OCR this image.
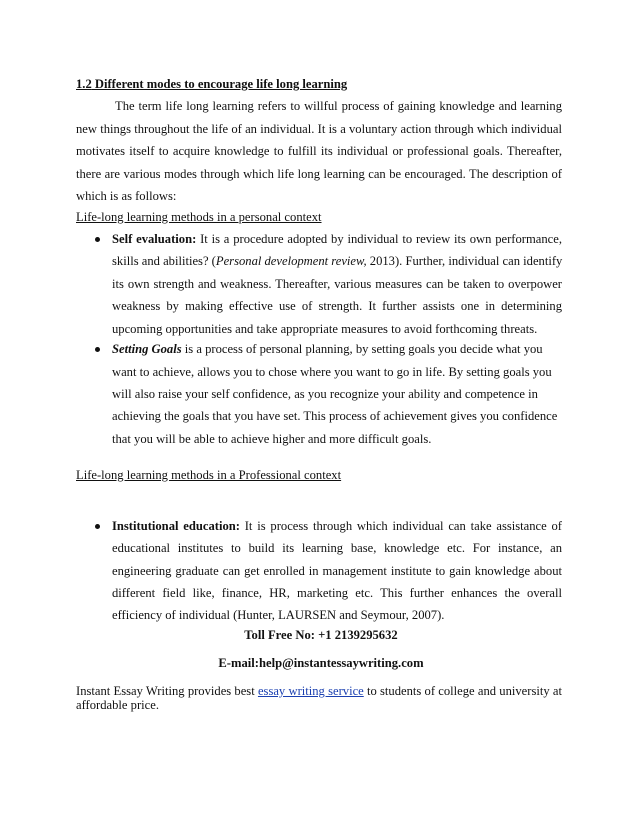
1.2 Different modes to encourage life long learning
The term life long learning refers to willful process of gaining knowledge and learning
new things throughout the life of an individual. It is a voluntary action through which individual
motivates itself to acquire knowledge to fulfill its individual or professional goals. Thereafter,
there are various modes through which life long learning can be encouraged. The description of
which is as follows:
Life-long learning methods in a personal context
Self evaluation: It is a procedure adopted by individual to review its own performance,
skills and abilities? (Personal development review, 2013). Further, individual can identify
its own strength and weakness. Thereafter, various measures can be taken to overpower
weakness by making effective use of strength. It further assists one in determining
upcoming opportunities and take appropriate measures to avoid forthcoming threats.
Setting Goals is a process of personal planning, by setting goals you decide what you
want to achieve, allows you to chose where you want to go in life. By setting goals you
will also raise your self confidence, as you recognize your ability and competence in
achieving the goals that you have set. This process of achievement gives you confidence
that you will be able to achieve higher and more difficult goals.
Life-long learning methods in a Professional context
Institutional education: It is process through which individual can take assistance of
educational institutes to build its learning base, knowledge etc. For instance, an
engineering graduate can get enrolled in management institute to gain knowledge about
different field like, finance, HR, marketing etc. This further enhances the overall
efficiency of individual (Hunter, LAURSEN and Seymour, 2007).
Toll Free No: +1 2139295632
E-mail:help@instantessaywriting.com
Instant Essay Writing provides best essay writing service to students of college and university at
affordable price.
